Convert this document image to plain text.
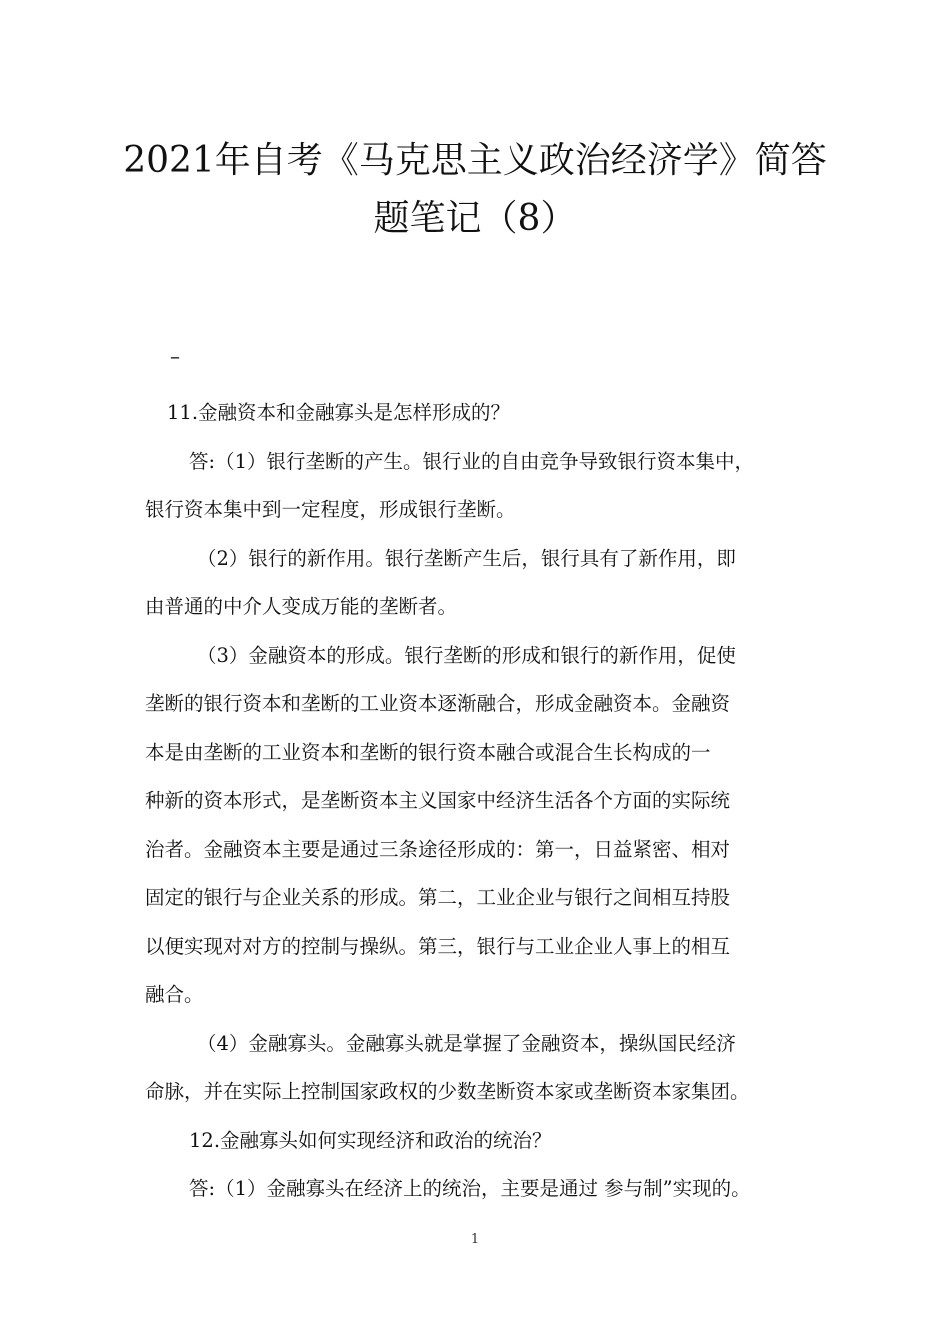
2021年自考《马克思主义政治经济学》简答
题笔记（8）
–
11.金融资本和金融寡头是怎样形成的？
答:（1）银行垄断的产生。银行业的自由竞争导致银行资本集中，
银行资本集中到一定程度，形成银行垄断。
（2）银行的新作用。银行垄断产生后，银行具有了新作用，即
由普通的中介人变成万能的垄断者。
（3）金融资本的形成。银行垄断的形成和银行的新作用，促使
垄断的银行资本和垄断的工业资本逐渐融合，形成金融资本。金融资
本是由垄断的工业资本和垄断的银行资本融合或混合生长构成的一
种新的资本形式，是垄断资本主义国家中经济生活各个方面的实际统
治者。金融资本主要是通过三条途径形成的：第一，日益紧密、相对
固定的银行与企业关系的形成。第二，工业企业与银行之间相互持股
以便实现对对方的控制与操纵。第三，银行与工业企业人事上的相互
融合。
（4）金融寡头。金融寡头就是掌握了金融资本，操纵国民经济
命脉，并在实际上控制国家政权的少数垄断资本家或垄断资本家集团。
12.金融寡头如何实现经济和政治的统治？
答:（1）金融寡头在经济上的统治，主要是通过 参与制”实现的。
1
